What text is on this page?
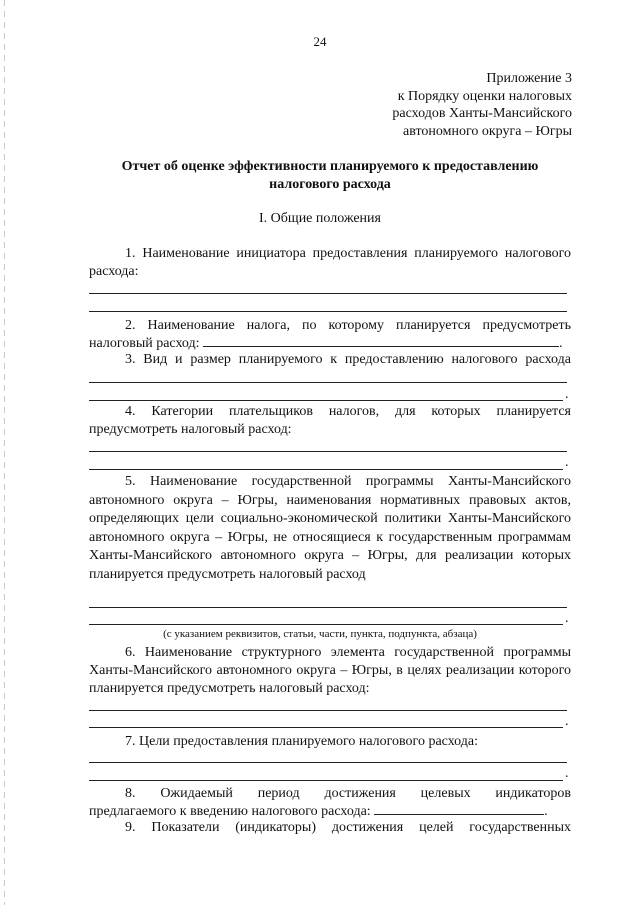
24
Приложение 3
к Порядку оценки налоговых
расходов Ханты-Мансийского
автономного округа – Югры
Отчет об оценке эффективности планируемого к предоставлению
налогового расхода
I. Общие положения
1. Наименование инициатора предоставления планируемого налогового расхода:
2. Наименование налога, по которому планируется предусмотреть
налоговый расход:	.
3. Вид и размер планируемого к предоставлению налогового расхода
.
4. Категории плательщиков налогов, для которых планируется предусмотреть налоговый расход:
.
5. Наименование государственной программы Ханты-Мансийского автономного округа – Югры, наименования нормативных правовых актов, определяющих цели социально-экономической политики Ханты-Мансийского автономного округа – Югры, не относящиеся к государственным программам Ханты-Мансийского автономного округа – Югры, для реализации которых планируется предусмотреть налоговый расход
.
(с указанием реквизитов, статьи, части, пункта, подпункта, абзаца)
6. Наименование структурного элемента государственной программы Ханты-Мансийского автономного округа – Югры, в целях реализации которого планируется предусмотреть налоговый расход:
.
7. Цели предоставления планируемого налогового расхода:
.
8. Ожидаемый период достижения целевых индикаторов
предлагаемого к введению налогового расхода:	.
9. Показатели (индикаторы) достижения целей государственных
